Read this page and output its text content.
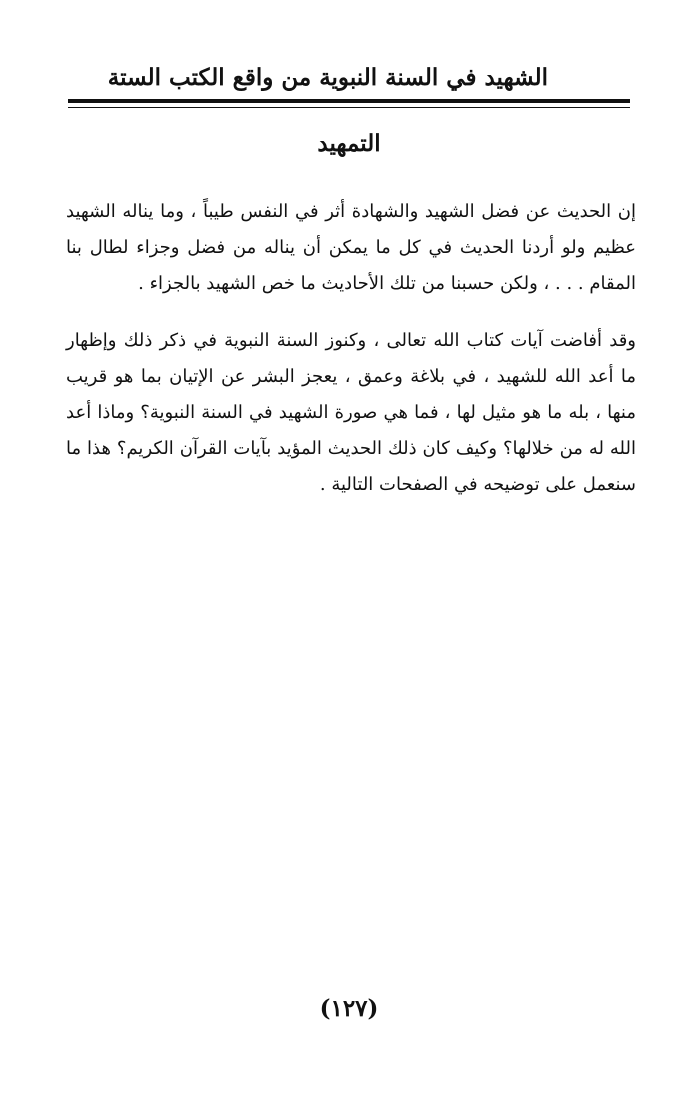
الشهيد في السنة النبوية من واقع الكتب الستة
التمهيد

إن الحديث عن فضل الشهيد والشهادة أثر في النفس طيباً ، وما يناله الشهيد عظيم ولو أردنا الحديث في كل ما يمكن أن يناله من فضل وجزاء لطال بنا المقام . . . ، ولكن حسبنا من تلك الأحاديث ما خص الشهيد بالجزاء .

وقد أفاضت آيات كتاب الله تعالى ، وكنوز السنة النبوية في ذكر ذلك وإظهار ما أعد الله للشهيد ، في بلاغة وعمق ، يعجز البشر عن الإتيان بما هو قريب منها ، بله ما هو مثيل لها ، فما هي صورة الشهيد في السنة النبوية؟ وماذا أعد الله له من خلالها؟ وكيف كان ذلك الحديث المؤيد بآيات القرآن الكريم؟ هذا ما سنعمل على توضيحه في الصفحات التالية .

(١٢٧)
